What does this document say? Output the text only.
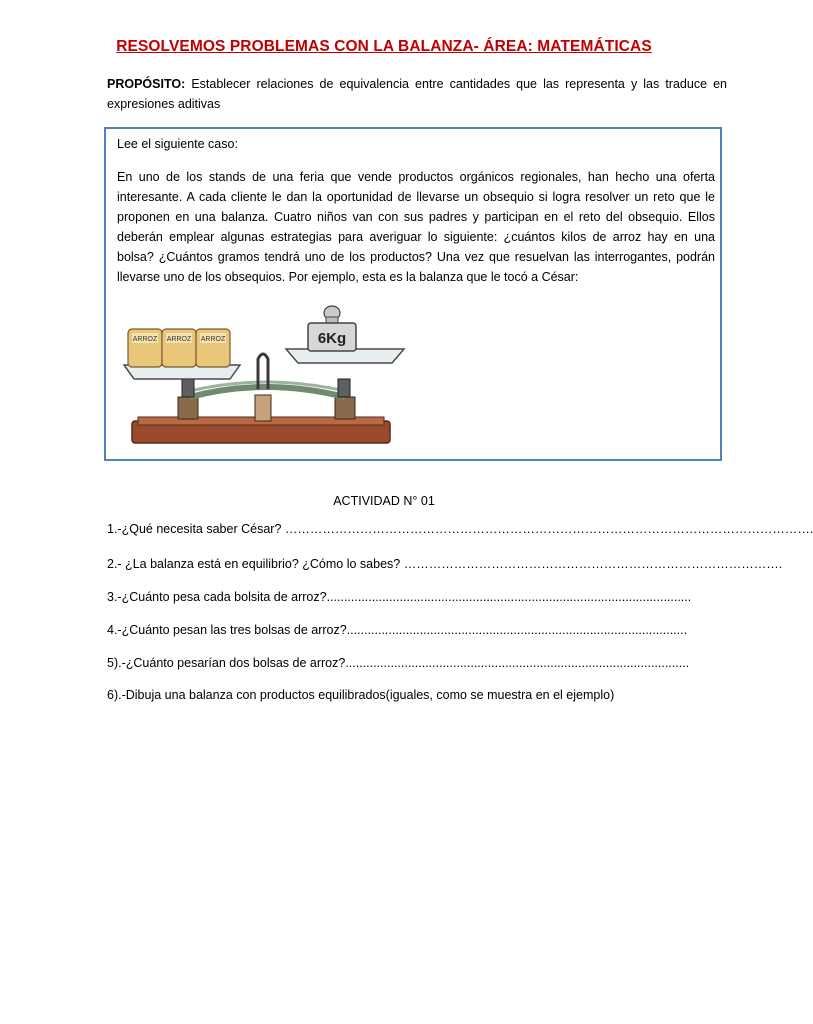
RESOLVEMOS PROBLEMAS CON LA BALANZA- ÁREA: MATEMÁTICAS
PROPÓSITO: Establecer relaciones de equivalencia entre cantidades que las representa y las traduce en expresiones aditivas
Lee el siguiente caso:
En uno de los stands de una feria que vende productos orgánicos regionales, han hecho una oferta interesante. A cada cliente le dan la oportunidad de llevarse un obsequio si logra resolver un reto que le proponen en una balanza. Cuatro niños van con sus padres y participan en el reto del obsequio. Ellos deberán emplear algunas estrategias para averiguar lo siguiente: ¿cuántos kilos de arroz hay en una bolsa? ¿Cuántos gramos tendrá uno de los productos? Una vez que resuelvan las interrogantes, podrán llevarse uno de los obsequios. Por ejemplo, esta es la balanza que le tocó a César:
ARROZ ARROZ ARROZ	6Kg
ACTIVIDAD N° 01
1.-¿Qué necesita saber César? ……………………………………………………………………………………………………………….
2.- ¿La balanza está en equilibrio? ¿Cómo lo sabes? ……………………………………………………………………………….
3.-¿Cuánto pesa cada bolsita de arroz?.........................................................................................................
4.-¿Cuánto pesan las tres bolsas de arroz?..................................................................................................
5).-¿Cuánto pesarían dos bolsas de arroz?...................................................................................................
6).-Dibuja una balanza con productos equilibrados(iguales, como se muestra en el ejemplo)
